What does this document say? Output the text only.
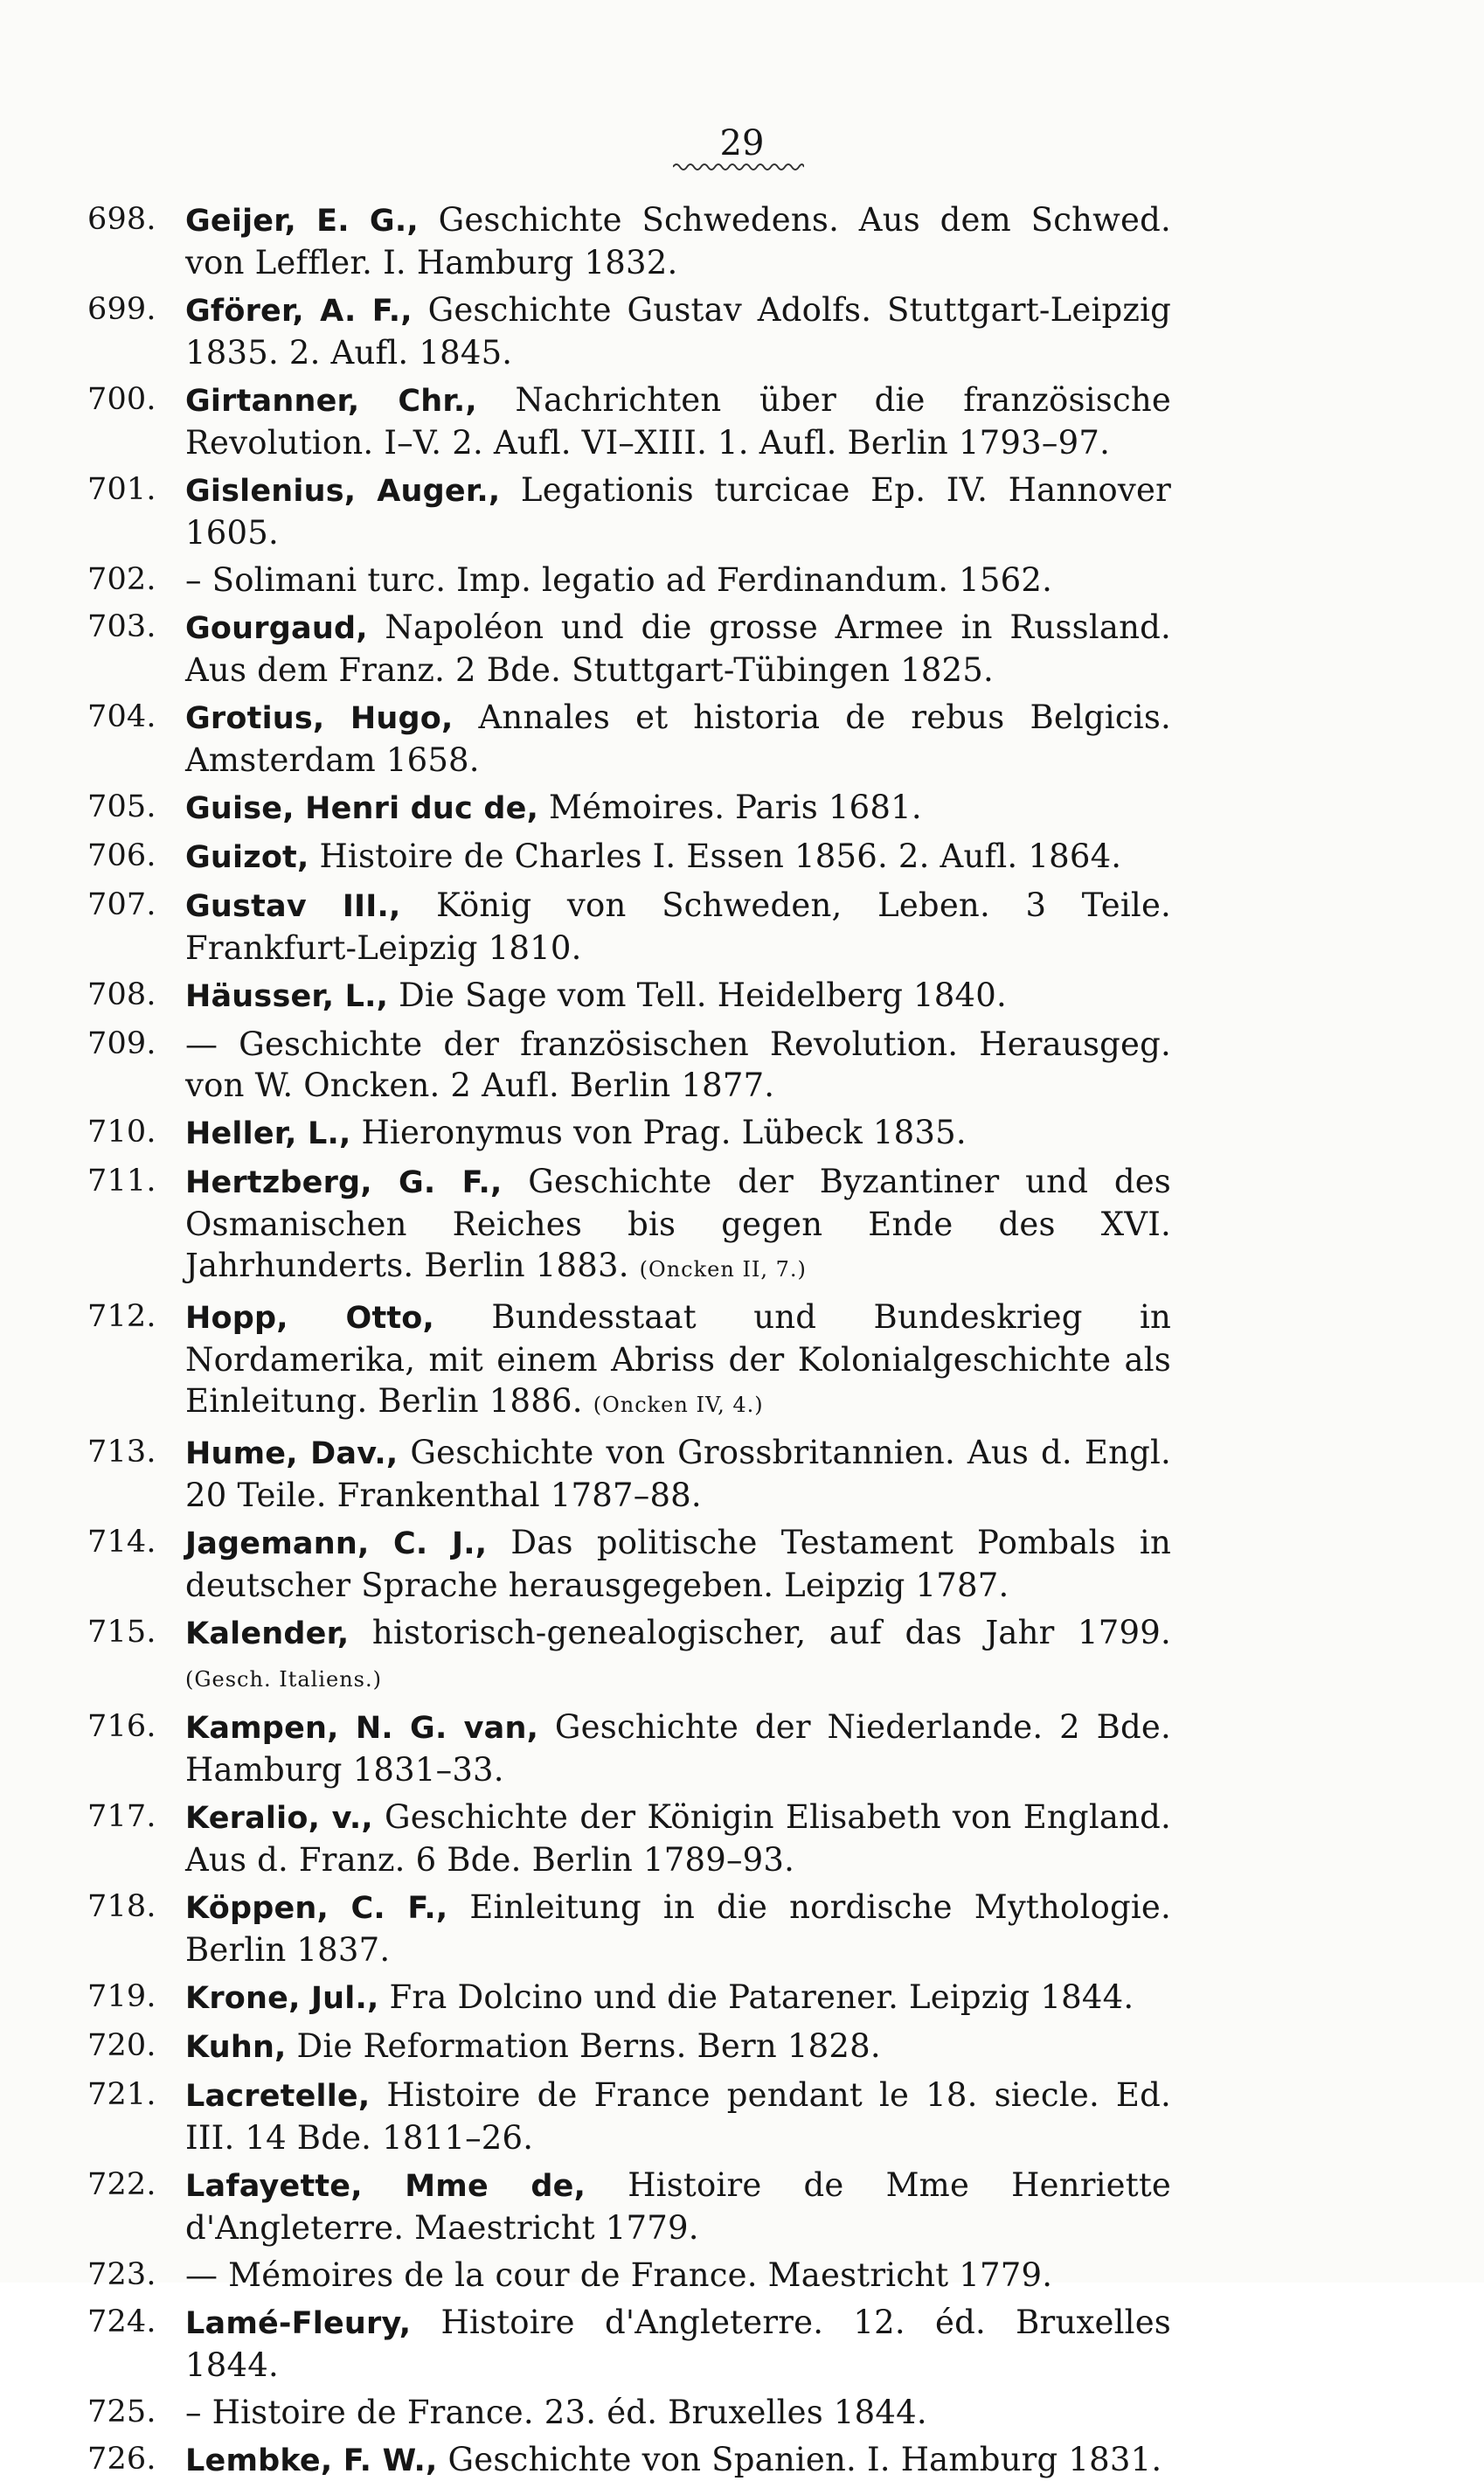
29
698. Geijer, E. G., Geschichte Schwedens. Aus dem Schwed. von Leffler. I. Hamburg 1832.
699. Gförer, A. F., Geschichte Gustav Adolfs. Stuttgart-Leipzig 1835. 2. Aufl. 1845.
700. Girtanner, Chr., Nachrichten über die französische Revolution. I–V. 2. Aufl. VI–XIII. 1. Aufl. Berlin 1793–97.
701. Gislenius, Auger., Legationis turcicae Ep. IV. Hannover 1605.
702. – Solimani turc. Imp. legatio ad Ferdinandum. 1562.
703. Gourgaud, Napoléon und die grosse Armee in Russland. Aus dem Franz. 2 Bde. Stuttgart-Tübingen 1825.
704. Grotius, Hugo, Annales et historia de rebus Belgicis. Amsterdam 1658.
705. Guise, Henri duc de, Mémoires. Paris 1681.
706. Guizot, Histoire de Charles I. Essen 1856. 2. Aufl. 1864.
707. Gustav III., König von Schweden, Leben. 3 Teile. Frankfurt-Leipzig 1810.
708. Häusser, L., Die Sage vom Tell. Heidelberg 1840.
709. — Geschichte der französischen Revolution. Herausgeg. von W. Oncken. 2 Aufl. Berlin 1877.
710. Heller, L., Hieronymus von Prag. Lübeck 1835.
711. Hertzberg, G. F., Geschichte der Byzantiner und des Osmanischen Reiches bis gegen Ende des XVI. Jahrhunderts. Berlin 1883. (Oncken II, 7.)
712. Hopp, Otto, Bundesstaat und Bundeskrieg in Nordamerika, mit einem Abriss der Kolonialgeschichte als Einleitung. Berlin 1886. (Oncken IV, 4.)
713. Hume, Dav., Geschichte von Grossbritannien. Aus d. Engl. 20 Teile. Frankenthal 1787–88.
714. Jagemann, C. J., Das politische Testament Pombals in deutscher Sprache herausgegeben. Leipzig 1787.
715. Kalender, historisch-genealogischer, auf das Jahr 1799. (Gesch. Italiens.)
716. Kampen, N. G. van, Geschichte der Niederlande. 2 Bde. Hamburg 1831–33.
717. Keralio, v., Geschichte der Königin Elisabeth von England. Aus d. Franz. 6 Bde. Berlin 1789–93.
718. Köppen, C. F., Einleitung in die nordische Mythologie. Berlin 1837.
719. Krone, Jul., Fra Dolcino und die Patarener. Leipzig 1844.
720. Kuhn, Die Reformation Berns. Bern 1828.
721. Lacretelle, Histoire de France pendant le 18. siecle. Ed. III. 14 Bde. 1811–26.
722. Lafayette, Mme de, Histoire de Mme Henriette d'Angleterre. Maestricht 1779.
723. — Mémoires de la cour de France. Maestricht 1779.
724. Lamé-Fleury, Histoire d'Angleterre. 12. éd. Bruxelles 1844.
725. – Histoire de France. 23. éd. Bruxelles 1844.
726. Lembke, F. W., Geschichte von Spanien. I. Hamburg 1831.
